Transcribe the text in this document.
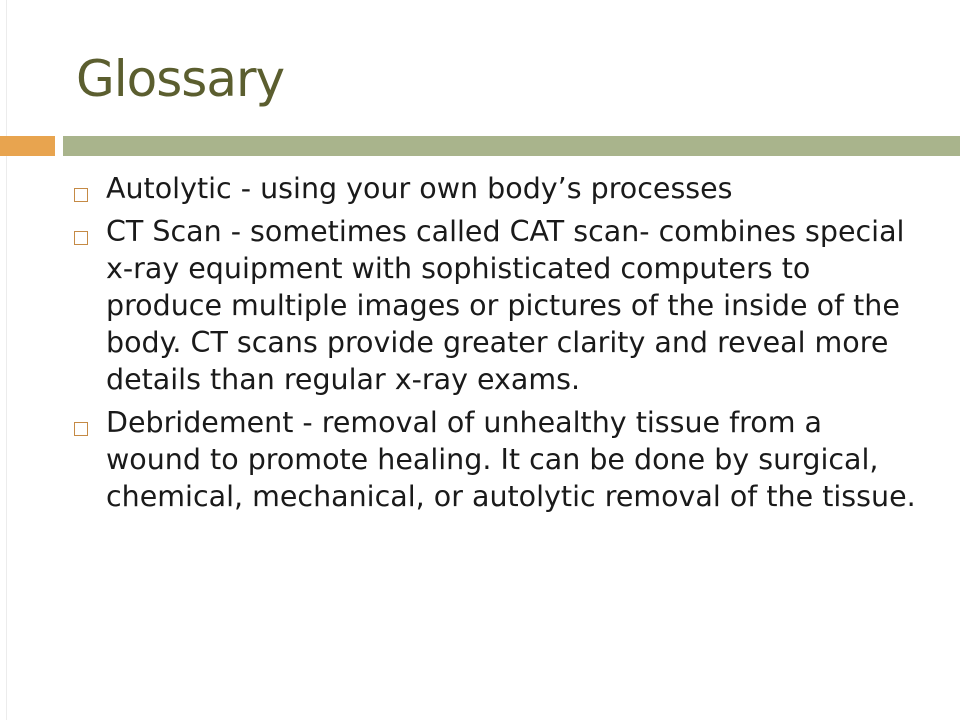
Glossary
Autolytic - using your own body’s processes
CT Scan - sometimes called CAT scan- combines special x-ray equipment with sophisticated computers to produce multiple images or pictures of the inside of the body. CT scans provide greater clarity and reveal more details than regular x-ray exams.
Debridement - removal of unhealthy tissue from a wound to promote healing. It can be done by surgical, chemical, mechanical, or autolytic removal of the tissue.
